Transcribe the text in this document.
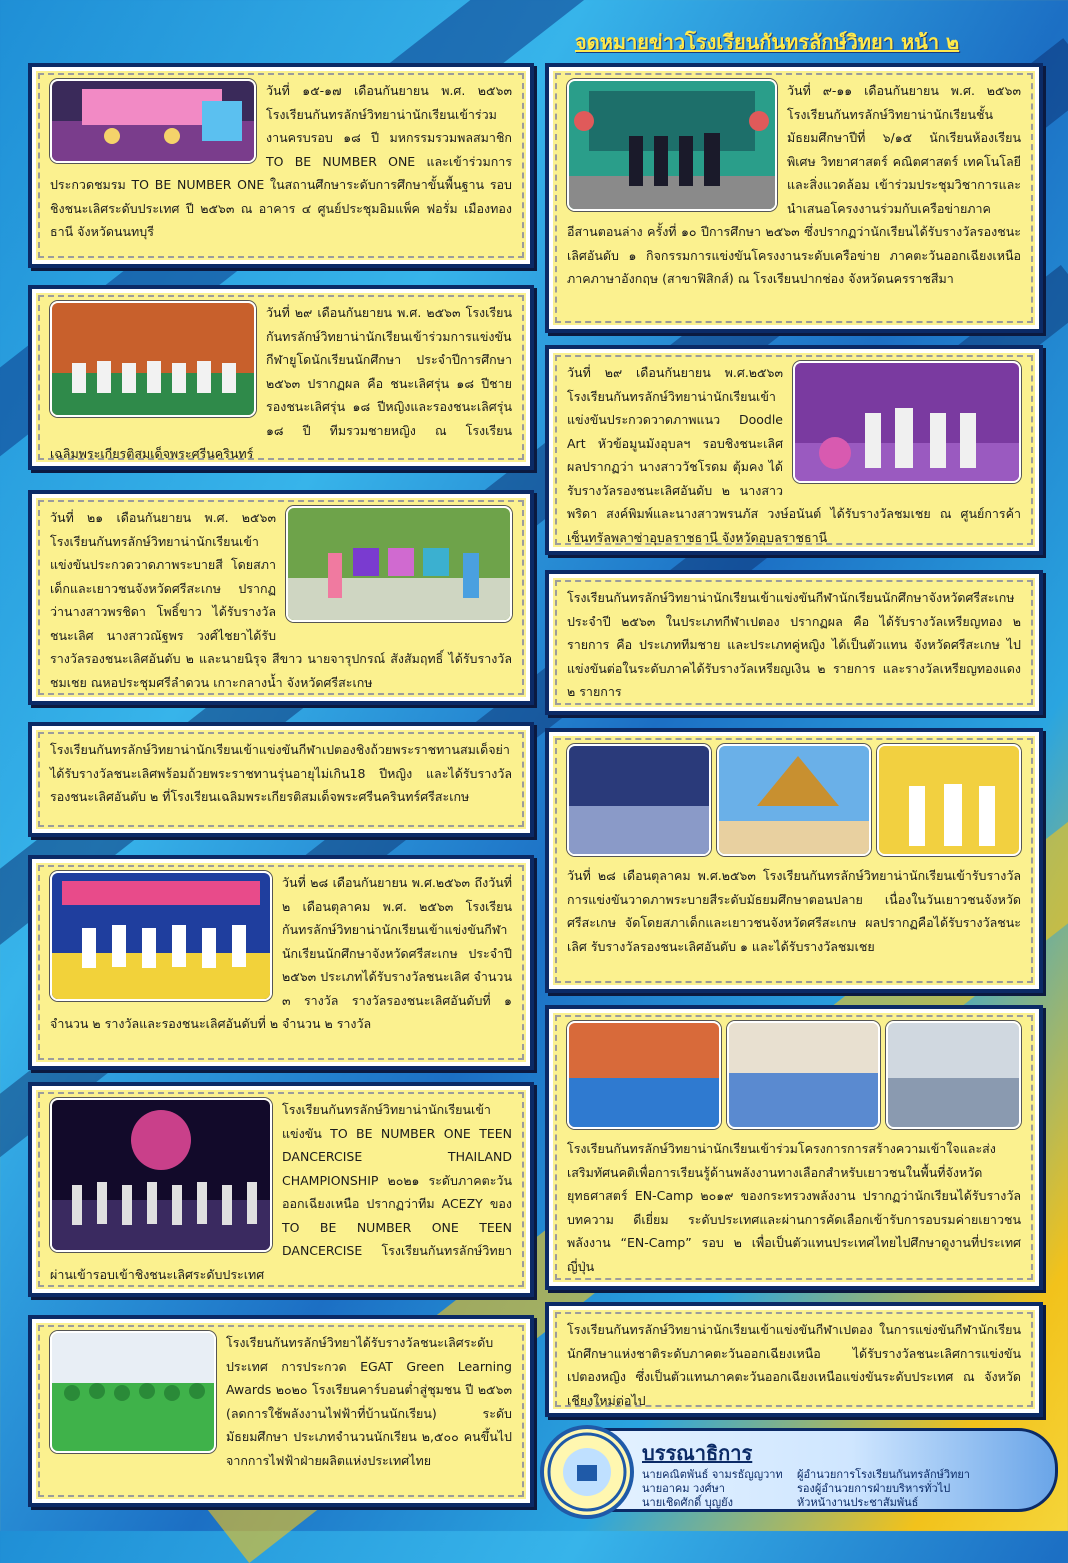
จดหมายข่าวโรงเรียนกันทรลักษ์วิทยา หน้า ๒
วันที่ ๑๕-๑๗ เดือนกันยายน พ.ศ. ๒๕๖๓ โรงเรียนกันทรลักษ์วิทยาน่านักเรียนเข้าร่วมงานครบรอบ ๑๘ ปี มหกรรมรวมพลสมาชิก TO BE NUMBER ONE และเข้าร่วมการประกวดชมรม TO BE NUMBER ONE ในสถานศึกษาระดับการศึกษาขั้นพื้นฐาน รอบชิงชนะเลิศระดับประเทศ ปี ๒๕๖๓ ณ อาคาร ๔ ศูนย์ประชุมอิมแพ็ค ฟอรั่ม เมืองทองธานี จังหวัดนนทบุรี
วันที่ ๒๙ เดือนกันยายน พ.ศ. ๒๕๖๓ โรงเรียนกันทรลักษ์วิทยาน่านักเรียนเข้าร่วมการแข่งขันกีฬายูโดนักเรียนนักศึกษา ประจำปีการศึกษา ๒๕๖๓ ปรากฏผล คือ ชนะเลิศรุ่น ๑๘ ปีชายรองชนะเลิศรุ่น ๑๘ ปีหญิงและรองชนะเลิศรุ่น ๑๘ ปี ทีมรวมชายหญิง ณ โรงเรียนเฉลิมพระเกียรติสมเด็จพระศรีนครินทร์
วันที่ ๒๑ เดือนกันยายน พ.ศ. ๒๕๖๓ โรงเรียนกันทรลักษ์วิทยาน่านักเรียนเข้าแข่งขันประกวดวาดภาพระบายสี โดยสภาเด็กและเยาวชนจังหวัดศรีสะเกษ ปรากฏว่านางสาวพรชิดา โพธิ์ขาว ได้รับรางวัลชนะเลิศ นางสาวณัฐพร วงศ์ไชยาได้รับรางวัลรองชนะเลิศอันดับ ๒ และนายนิรุจ สีขาว นายจารุปกรณ์ สังสัมฤทธิ์ ได้รับรางวัลชมเชย ณหอประชุมศรีลำดวน เกาะกลางน้ำ จังหวัดศรีสะเกษ
โรงเรียนกันทรลักษ์วิทยาน่านักเรียนเข้าแข่งขันกีฬาเปตองชิงถ้วยพระราชทานสมเด็จย่าได้รับรางวัลชนะเลิศพร้อมถ้วยพระราชทานรุ่นอายุไม่เกิน18 ปีหญิง และได้รับรางวัลรองชนะเลิศอันดับ ๒ ที่โรงเรียนเฉลิมพระเกียรติสมเด็จพระศรีนครินทร์ศรีสะเกษ
วันที่ ๒๘ เดือนกันยายน พ.ศ.๒๕๖๓ ถึงวันที่ ๒ เดือนตุลาคม พ.ศ. ๒๕๖๓ โรงเรียนกันทรลักษ์วิทยาน่านักเรียนเข้าแข่งขันกีฬานักเรียนนักศึกษาจังหวัดศรีสะเกษ ประจำปี ๒๕๖๓ ประเภทได้รับรางวัลชนะเลิศ จำนวน ๓ รางวัล รางวัลรองชนะเลิศอันดับที่ ๑ จำนวน ๒ รางวัลและรองชนะเลิศอันดับที่ ๒ จำนวน ๒ รางวัล
โรงเรียนกันทรลักษ์วิทยาน่านักเรียนเข้าแข่งขัน TO BE NUMBER ONE TEEN DANCERCISE THAILAND CHAMPIONSHIP ๒๐๒๑ ระดับภาคตะวันออกเฉียงเหนือ ปรากฏว่าทีม ACEZY ของ TO BE NUMBER ONE TEEN DANCERCISE โรงเรียนกันทรลักษ์วิทยา ผ่านเข้ารอบเข้าชิงชนะเลิศระดับประเทศ
โรงเรียนกันทรลักษ์วิทยาได้รับรางวัลชนะเลิศระดับประเทศ การประกวด EGAT Green Learning Awards ๒๐๒๐ โรงเรียนคาร์บอนต่ำสู่ชุมชน ปี ๒๕๖๓ (ลดการใช้พลังงานไฟฟ้าที่บ้านนักเรียน) ระดับมัธยมศึกษา ประเภทจำนวนนักเรียน ๒,๕๐๐ คนขึ้นไป จากการไฟฟ้าฝ่ายผลิตแห่งประเทศไทย
วันที่ ๙-๑๑ เดือนกันยายน พ.ศ. ๒๕๖๓ โรงเรียนกันทรลักษ์วิทยาน่านักเรียนชั้นมัธยมศึกษาปีที่ ๖/๑๕ นักเรียนห้องเรียนพิเศษ วิทยาศาสตร์ คณิตศาสตร์ เทคโนโลยีและสิ่งแวดล้อม เข้าร่วมประชุมวิชาการและนำเสนอโครงงานร่วมกับเครือข่ายภาคอีสานตอนล่าง ครั้งที่ ๑๐ ปีการศึกษา ๒๕๖๓ ซึ่งปรากฏว่านักเรียนได้รับรางวัลรองชนะเลิศอันดับ ๑ กิจกรรมการแข่งขันโครงงานระดับเครือข่าย ภาคตะวันออกเฉียงเหนือภาคภาษาอังกฤษ (สาขาฟิสิกส์) ณ โรงเรียนปากช่อง จังหวัดนครราชสีมา
วันที่ ๒๙ เดือนกันยายน พ.ศ.๒๕๖๓ โรงเรียนกันทรลักษ์วิทยาน่านักเรียนเข้าแข่งขันประกวดวาดภาพแนว Doodle Art หัวข้อมูนมังอุบลฯ รอบชิงชนะเลิศ ผลปรากฏว่า นางสาววัชโรดม ตุ้มคง ได้รับรางวัลรองชนะเลิศอันดับ ๒ นางสาวพริดา สงค์พิมพ์และนางสาวพรนภัส วงษ์อนันต์ ได้รับรางวัลชมเชย ณ ศูนย์การค้าเซ็นทรัลพลาซ่าอุบลราชธานี จังหวัดอุบลราชธานี
โรงเรียนกันทรลักษ์วิทยาน่านักเรียนเข้าแข่งขันกีฬานักเรียนนักศึกษาจังหวัดศรีสะเกษ ประจำปี ๒๕๖๓ ในประเภทกีฬาเปตอง ปรากฏผล คือ ได้รับรางวัลเหรียญทอง ๒ รายการ คือ ประเภททีมชาย และประเภทคู่หญิง ได้เป็นตัวแทน จังหวัดศรีสะเกษ ไปแข่งขันต่อในระดับภาคได้รับรางวัลเหรียญเงิน ๒ รายการ และรางวัลเหรียญทองแดง ๒ รายการ
วันที่ ๒๘ เดือนตุลาคม พ.ศ.๒๕๖๓ โรงเรียนกันทรลักษ์วิทยาน่านักเรียนเข้ารับรางวัลการแข่งขันวาดภาพระบายสีระดับมัธยมศึกษาตอนปลาย เนื่องในวันเยาวชนจังหวัดศรีสะเกษ จัดโดยสภาเด็กและเยาวชนจังหวัดศรีสะเกษ ผลปรากฏคือได้รับรางวัลชนะเลิศ รับรางวัลรองชนะเลิศอันดับ ๑ และได้รับรางวัลชมเชย
โรงเรียนกันทรลักษ์วิทยาน่านักเรียนเข้าร่วมโครงการการสร้างความเข้าใจและส่งเสริมทัศนคติเพื่อการเรียนรู้ด้านพลังงานทางเลือกสำหรับเยาวชนในพื้นที่จังหวัดยุทธศาสตร์ EN-Camp ๒๐๑๙ ของกระทรวงพลังงาน ปรากฏว่านักเรียนได้รับรางวัลบทความ ดีเยี่ยม ระดับประเทศและผ่านการคัดเลือกเข้ารับการอบรมค่ายเยาวชนพลังงาน “EN-Camp” รอบ ๒ เพื่อเป็นตัวแทนประเทศไทยไปศึกษาดูงานที่ประเทศญี่ปุ่น
โรงเรียนกันทรลักษ์วิทยาน่านักเรียนเข้าแข่งขันกีฬาเปตอง ในการแข่งขันกีฬานักเรียนนักศึกษาแห่งชาติระดับภาคตะวันออกเฉียงเหนือ ได้รับรางวัลชนะเลิศการแข่งขันเปตองหญิง ซึ่งเป็นตัวแทนภาคตะวันออกเฉียงเหนือแข่งขันระดับประเทศ ณ จังหวัดเชียงใหม่ต่อไป
บรรณาธิการ
นายคณิตพันธ์ จามรธัญญวาท ผู้อำนวยการโรงเรียนกันทรลักษ์วิทยา
นายอาคม วงศ์ษา	รองผู้อำนวยการฝ่ายบริหารทั่วไป
นายเชิดศักดิ์ บุญยัง	หัวหน้างานประชาสัมพันธ์
